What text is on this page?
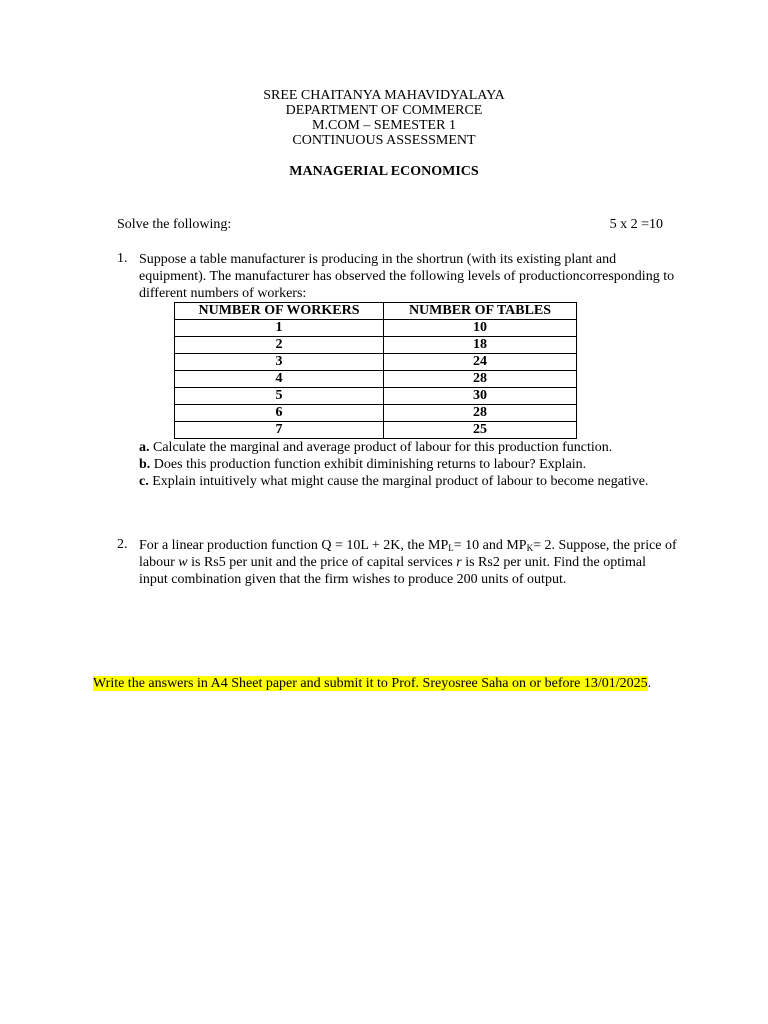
SREE CHAITANYA MAHAVIDYALAYA
DEPARTMENT OF COMMERCE
M.COM – SEMESTER 1
CONTINUOUS ASSESSMENT
MANAGERIAL ECONOMICS
Solve the following:	5 x 2 =10
1. Suppose a table manufacturer is producing in the shortrun (with its existing plant and equipment). The manufacturer has observed the following levels of productioncorresponding to different numbers of workers:
NUMBER OF WORKERS	NUMBER OF TABLES
1	10
2	18
3	24
4	28
5	30
6	28
7	25
a. Calculate the marginal and average product of labour for this production function.
b. Does this production function exhibit diminishing returns to labour? Explain.
c. Explain intuitively what might cause the marginal product of labour to become negative.
2. For a linear production function Q = 10L + 2K, the $MP_L= 10$ and $MP_K= 2$. Suppose, the price of labour w is Rs5 per unit and the price of capital services r is Rs2 per unit. Find the optimal input combination given that the firm wishes to produce 200 units of output.
Write the answers in A4 Sheet paper and submit it to Prof. Sreyosree Saha on or before 13/01/2025.
